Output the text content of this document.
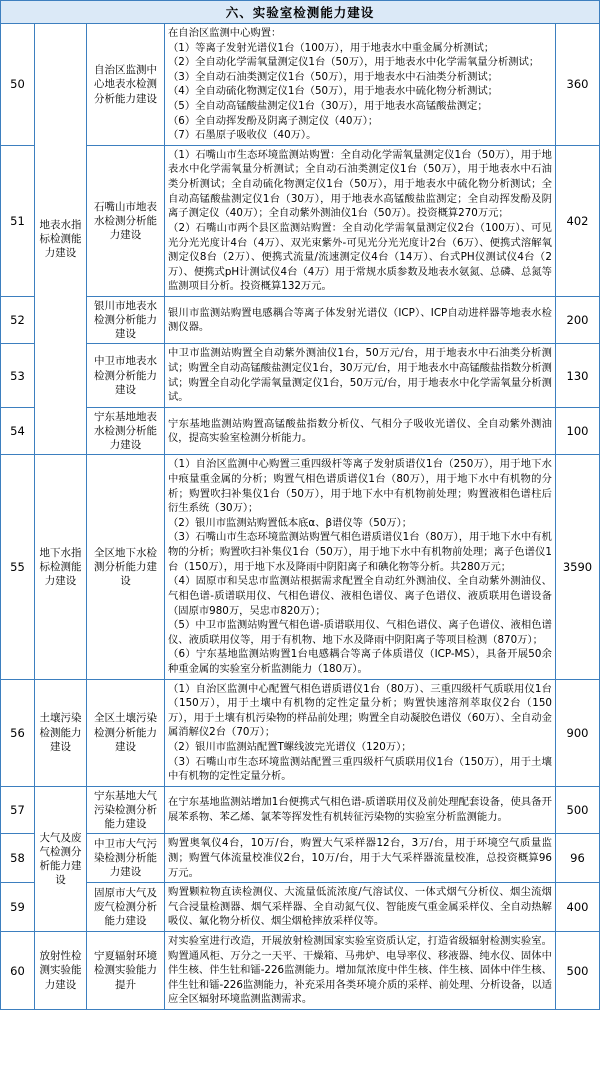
六、实验室检测能力建设				
50	地表水指标检测能力建设	自治区监测中心地表水检测分析能力建设	

在自治区监测中心购置：

（1）等离子发射光谱仪1台（100万），用于地表水中重金属分析测试；

（2）全自动化学需氧量测定仪1台（50万），用于地表水中化学需氧量分析测试；

（3）全自动石油类测定仪1台（50万），用于地表水中石油类分析测试；

（4）全自动硫化物测定仪1台（50万），用于地表水中硫化物分析测试；

（5）全自动高锰酸盐测定仪1台（30万），用于地表水高锰酸盐测定；

（6）全自动挥发酚及阴离子测定仪（40万）；

（7）石墨原子吸收仪（40万）。

	360
51		石嘴山市地表水检测分析能力建设	（1）石嘴山市生态环境监测站购置：全自动化学需氧量测定仪1台（50万），用于地表水中化学需氧量分析测试；全自动石油类测定仪1台（50万），用于地表水中石油类分析测试；全自动硫化物测定仪1台（50万），用于地表水中硫化物分析测试；全自动高锰酸盐测定仪1台（30万），用于地表水高锰酸盐监测定；全自动挥发酚及阴离子测定仪（40万）；全自动紫外测油仪1台（50万）。投资概算270万元；

（2）石嘴山市两个县区监测站购置：全自动化学需氧量测定仪2台（100万）、可见光分光光度计4台（4万）、双光束紫外-可见光分光光度计2台（6万）、便携式溶解氧测定仪8台（2万）、便携式流量/流速测定仪4台（14万）、台式PH仪测试仪4台（2万）、便携式pH计测试仪4台（4万）用于常规水质参数及地表水氨氮、总磷、总氮等监测项目分析。投资概算132万元。	402
52		银川市地表水检测分析能力建设	银川市监测站购置电感耦合等离子体发射光谱仪（ICP）、ICP自动进样器等地表水检测仪器。	200
53		中卫市地表水检测分析能力建设	中卫市监测站购置全自动紫外测油仪1台，50万元/台，用于地表水中石油类分析测试；购置全自动高锰酸盐测定仪1台，30万元/台，用于地表水中高锰酸盐指数分析测试；购置全自动化学需氧量测定仪1台，50万元/台，用于地表水中化学需氧量分析测试。	130
54		宁东基地地表水检测分析能力建设	宁东基地监测站购置高锰酸盐指数分析仪、气相分子吸收光谱仪、全自动紫外测油仪，提高实验室检测分析能力。	100
55	地下水指标检测能力建设	全区地下水检测分析能力建设	

（1）自治区监测中心购置三重四级杆等离子发射质谱仪1台（250万），用于地下水中痕量重金属的分析；购置气相色谱质谱仪1台（80万），用于地下水中有机物的分析；购置吹扫补集仪1台（50万），用于地下水中有机物前处理；购置液相色谱柱后衍生系统（30万）；

（2）银川市监测站购置低本底α、β谱仪等（50万）；

（3）石嘴山市生态环境监测站购置气相色谱质谱仪1台（80万），用于地下水中有机物的分析；购置吹扫补集仪1台（50万），用于地下水中有机物前处理；离子色谱仪1台（150万），用于地下水及降雨中阴阳离子和碘化物等分析。共280万元；

（4）固原市和吴忠市监测站根据需求配置全自动红外测油仪、全自动紫外测油仪、气相色谱-质谱联用仪、气相色谱仪、液相色谱仪、离子色谱仪、液质联用色谱设备（固原市980万，吴忠市820万）；

（5）中卫市监测站购置气相色谱-质谱联用仪、气相色谱仪、离子色谱仪、液相色谱仪、液质联用仪等，用于有机物、地下水及降雨中阴阳离子等项目检测（870万）；

（6）宁东基地监测站购置1台电感耦合等离子体质谱仪（ICP-MS），具备开展50余种重金属的实验室分析监测能力（180万）。

	3590
56	土壤污染检测能力建设	全区土壤污染检测分析能力建设	（1）自治区监测中心配置气相色谱质谱仪1台（80万）、三重四级杆气质联用仪1台（150万），用于土壤中有机物的定性定量分析；购置快速溶剂萃取仪2台（150万），用于土壤有机污染物的样品前处理；购置全自动凝胶色谱仪（60万）、全自动金属消解仪2台（70万）；

（2）银川市监测站配置T螺线波完光谱仪（120万）；

（3）石嘴山市生态环境监测站配置三重四级杆气质联用仪1台（150万），用于土壤中有机物的定性定量分析。	900
57	大气及废气检测分析能力建设	宁东基地大气污染检测分析能力建设	在宁东基地监测站增加1台便携式气相色谱-质谱联用仪及前处理配套设备，使具备开展苯系物、苯乙烯、氯苯等挥发性有机转征污染物的实验室分析监测能力。	500
58		中卫市大气污染检测分析能力建设	购置奥氧仪4台，10万/台，购置大气采样器12台，3万/台，用于环境空气质量监测；购置气体流量校准仪2台，10万/台，用于大气采样器流量校准，总投资概算96万元。	96
59		固原市大气及废气检测分析能力建设	购置颗粒物直读检测仪、大流量低流浓度/气溶试仪、一体式烟气分析仪、烟尘流烟气合浸量检测器、烟气采样器、全自动氮气仪、智能废气重金属采样仪、全自动热解吸仪、氟化物分析仪、烟尘烟枪摔放采样仪等。	400
60	放射性检测实验能力建设	宁夏辐射环境检测实验能力提升	对实验室进行改造，开展放射检测国家实验室资质认定，打造省级辐射检测实验室。购置通风柜、万分之一天平、干燥箱、马弗炉、电导率仪、移液器、纯水仪、固体中伴生核、伴生钍和镭-226监测能力。增加氚浓度中伴生核、伴生核、固体中伴生核、伴生钍和镭-226监测能力，补充采用各类环境介质的采样、前处理、分析设备，以适应全区辐射环境监测监测需求。	500
